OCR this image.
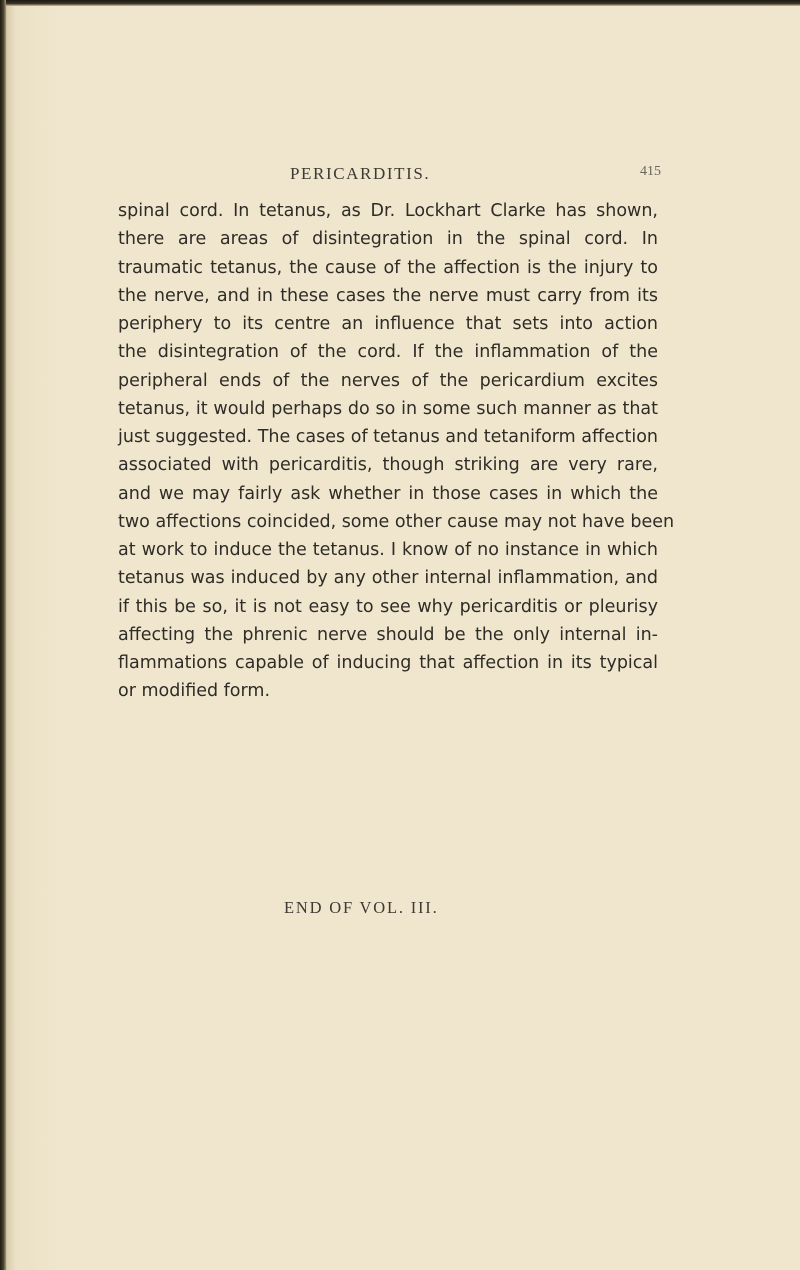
PERICARDITIS.	415
spinal cord. In tetanus, as Dr. Lockhart Clarke has shown,
there are areas of disintegration in the spinal cord. In
traumatic tetanus, the cause of the affection is the injury to
the nerve, and in these cases the nerve must carry from its
periphery to its centre an influence that sets into action
the disintegration of the cord. If the inflammation of the
peripheral ends of the nerves of the pericardium excites
tetanus, it would perhaps do so in some such manner as that
just suggested. The cases of tetanus and tetaniform affection
associated with pericarditis, though striking are very rare,
and we may fairly ask whether in those cases in which the
two affections coincided, some other cause may not have been
at work to induce the tetanus. I know of no instance in which
tetanus was induced by any other internal inflammation, and
if this be so, it is not easy to see why pericarditis or pleurisy
affecting the phrenic nerve should be the only internal in-
flammations capable of inducing that affection in its typical
or modified form.
END OF VOL. III.
